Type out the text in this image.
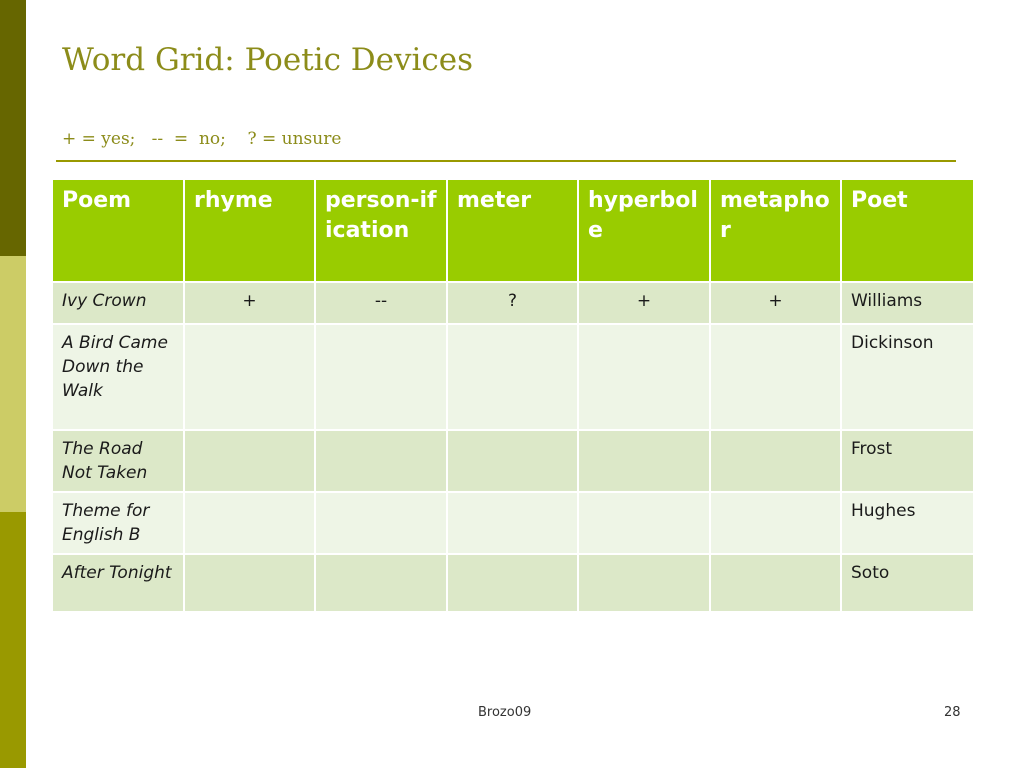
Word Grid: Poetic Devices
+ = yes;   --  =  no;    ? = unsure
Poem	rhyme	person-ification	meter	hyperbole	metaphor	Poet
Ivy Crown	+	--	?	+	+	Williams
A Bird Came Down the Walk						Dickinson
The Road Not Taken						Frost
Theme for English B						Hughes
After Tonight						Soto
Brozo09	28
